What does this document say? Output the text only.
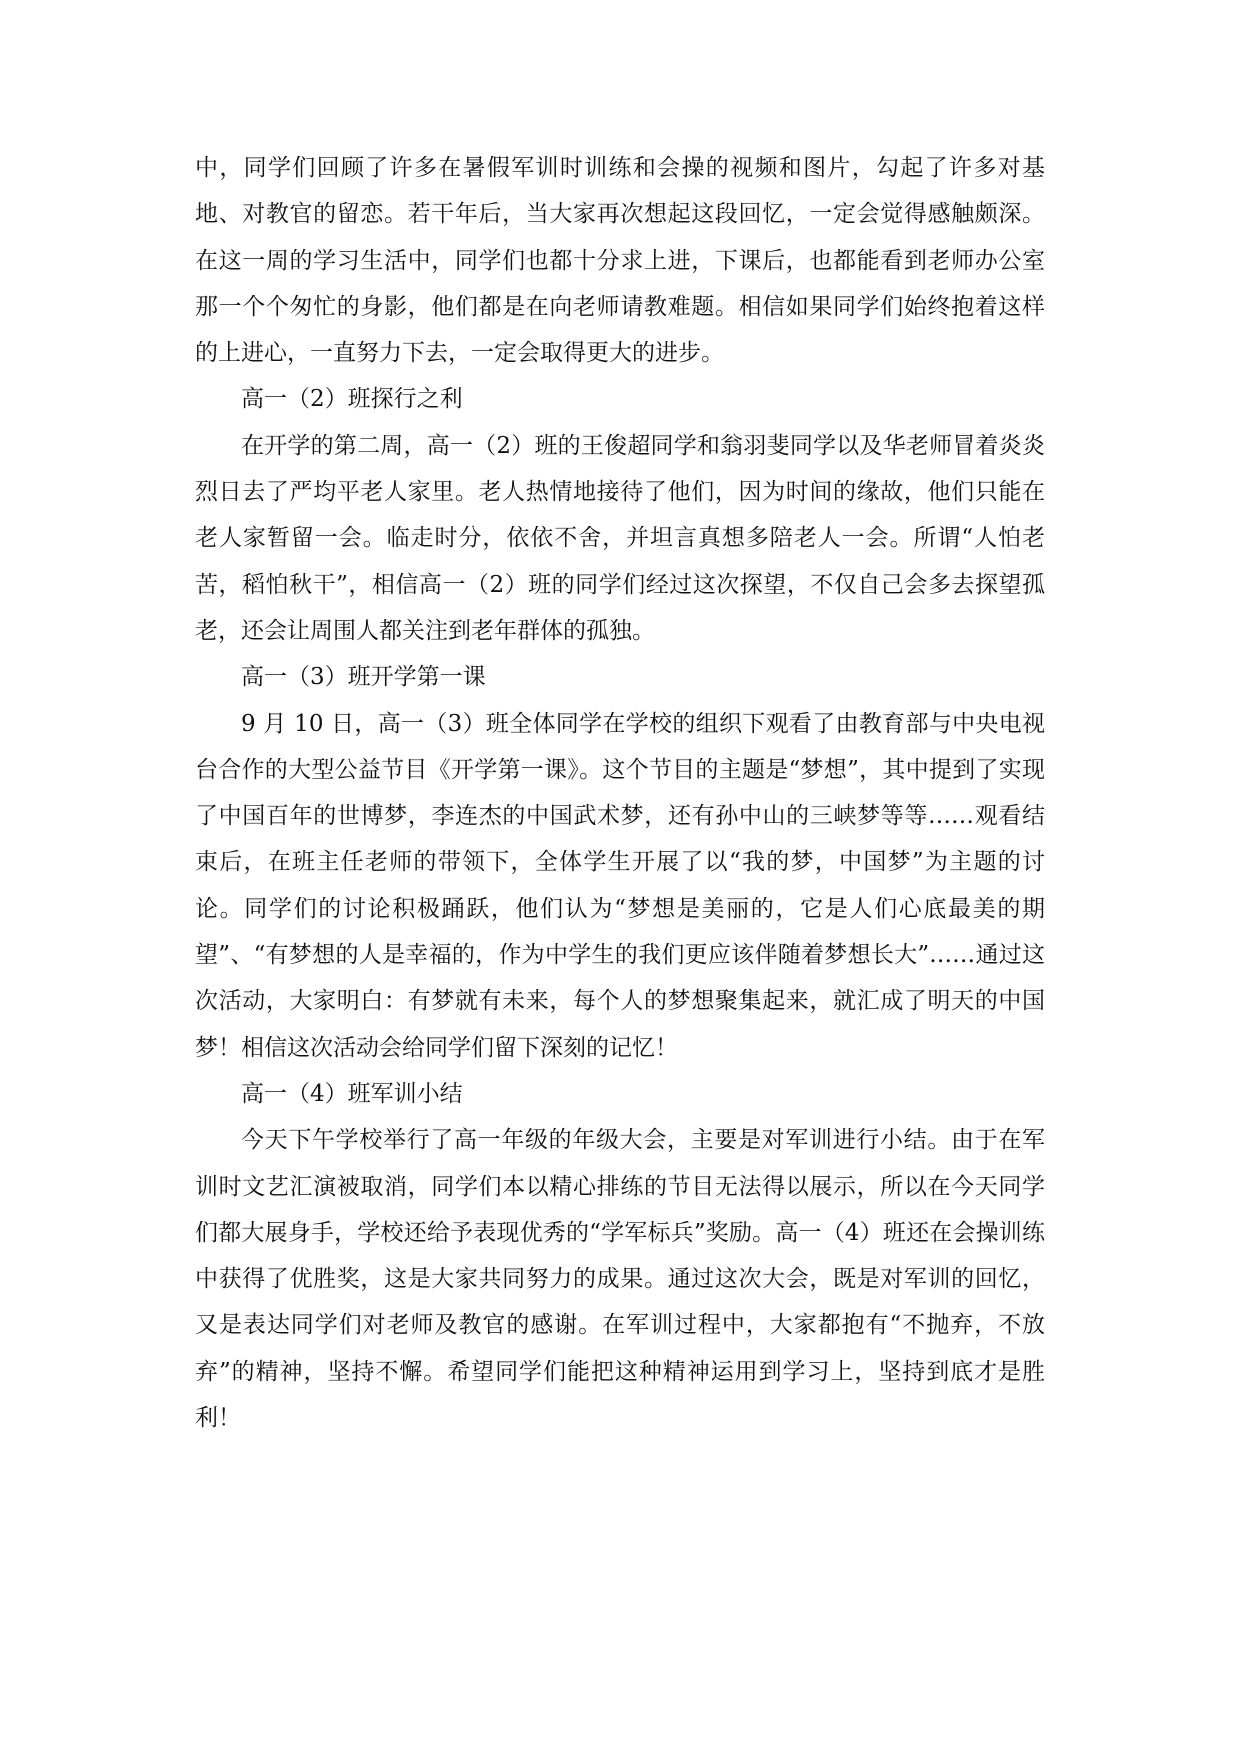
中，同学们回顾了许多在暑假军训时训练和会操的视频和图片，勾起了许多对基地、对教官的留恋。若干年后，当大家再次想起这段回忆，一定会觉得感触颇深。在这一周的学习生活中，同学们也都十分求上进，下课后，也都能看到老师办公室那一个个匆忙的身影，他们都是在向老师请教难题。相信如果同学们始终抱着这样的上进心，一直努力下去，一定会取得更大的进步。

高一（2）班探行之利

在开学的第二周，高一（2）班的王俊超同学和翁羽斐同学以及华老师冒着炎炎烈日去了严均平老人家里。老人热情地接待了他们，因为时间的缘故，他们只能在老人家暂留一会。临走时分，依依不舍，并坦言真想多陪老人一会。所谓“人怕老苦，稻怕秋干”，相信高一（2）班的同学们经过这次探望，不仅自己会多去探望孤老，还会让周围人都关注到老年群体的孤独。

高一（3）班开学第一课

9 月 10 日，高一（3）班全体同学在学校的组织下观看了由教育部与中央电视台合作的大型公益节目《开学第一课》。这个节目的主题是“梦想”，其中提到了实现了中国百年的世博梦，李连杰的中国武术梦，还有孙中山的三峡梦等等……观看结束后，在班主任老师的带领下，全体学生开展了以“我的梦，中国梦”为主题的讨论。同学们的讨论积极踊跃，他们认为“梦想是美丽的，它是人们心底最美的期望”、“有梦想的人是幸福的，作为中学生的我们更应该伴随着梦想长大”……通过这次活动，大家明白：有梦就有未来，每个人的梦想聚集起来，就汇成了明天的中国梦！相信这次活动会给同学们留下深刻的记忆！

高一（4）班军训小结

今天下午学校举行了高一年级的年级大会，主要是对军训进行小结。由于在军训时文艺汇演被取消，同学们本以精心排练的节目无法得以展示，所以在今天同学们都大展身手，学校还给予表现优秀的“学军标兵”奖励。高一（4）班还在会操训练中获得了优胜奖，这是大家共同努力的成果。通过这次大会，既是对军训的回忆，又是表达同学们对老师及教官的感谢。在军训过程中，大家都抱有“不抛弃，不放弃”的精神，坚持不懈。希望同学们能把这种精神运用到学习上，坚持到底才是胜利！
